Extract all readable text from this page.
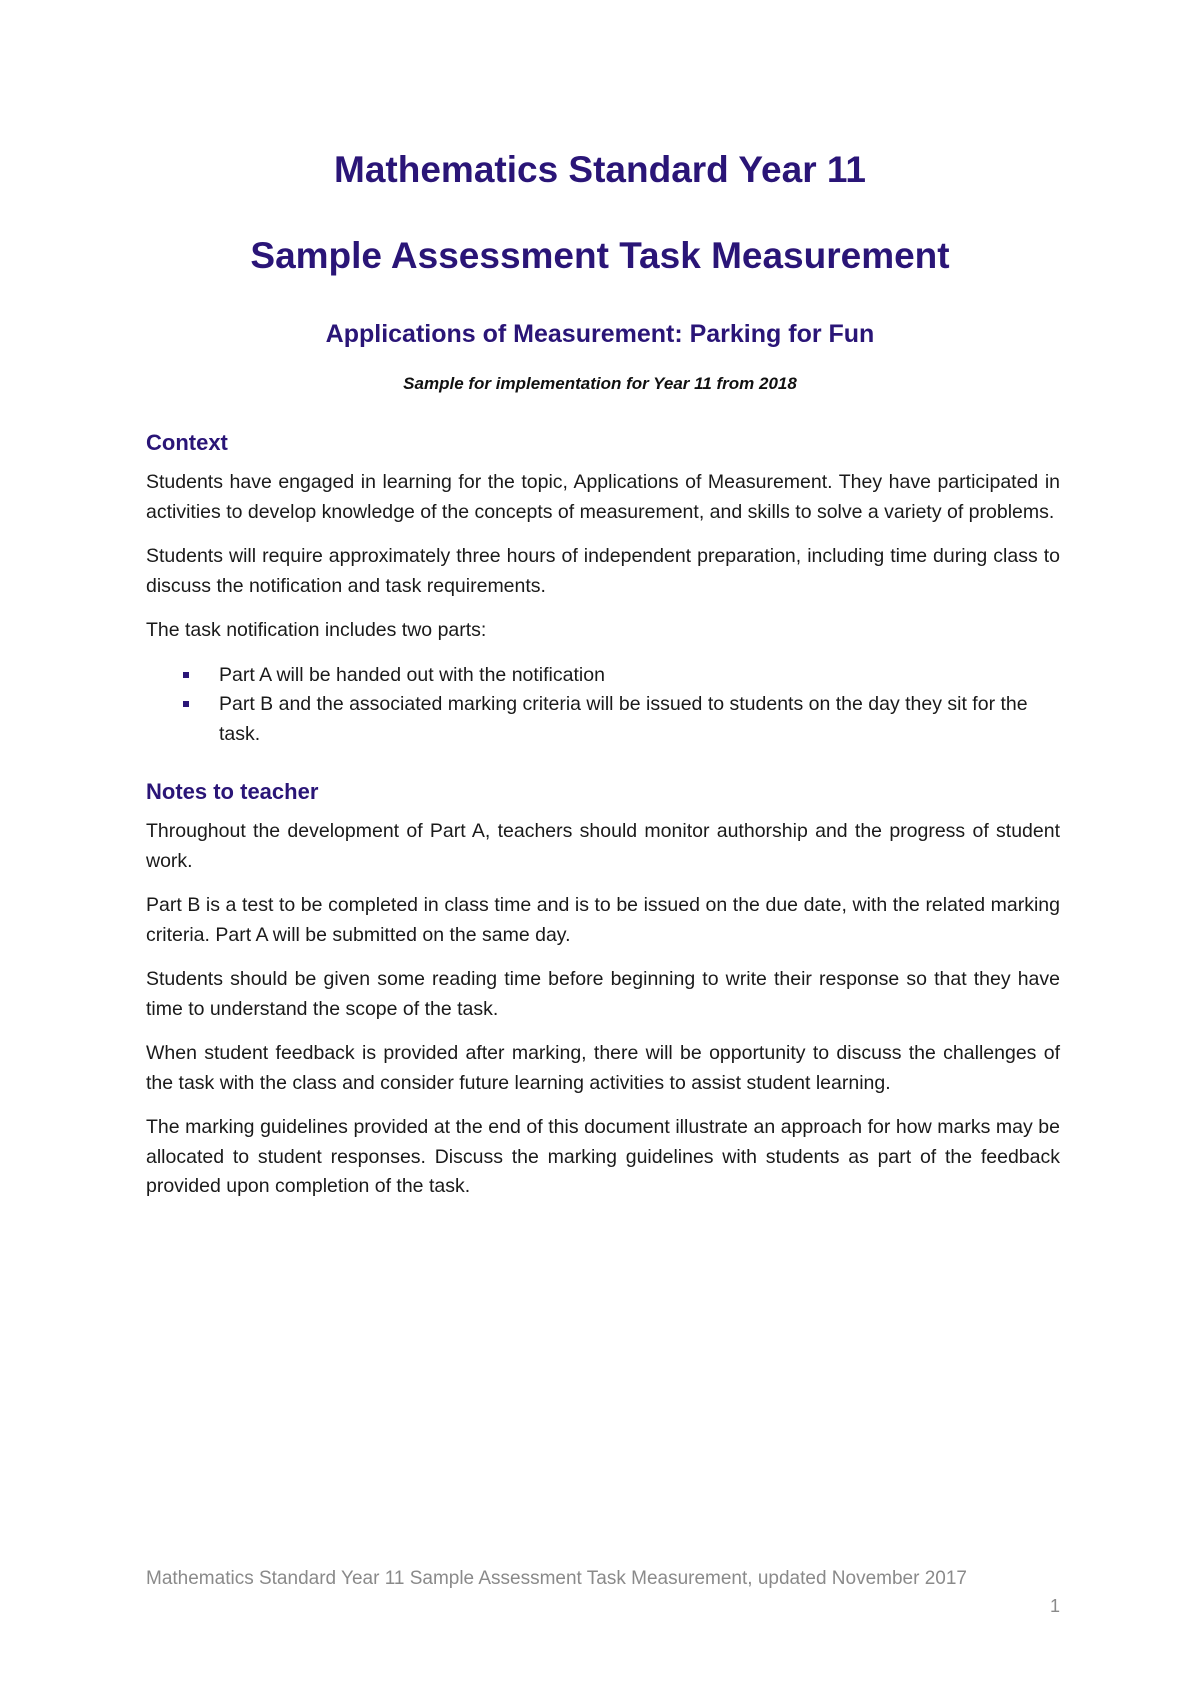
Mathematics Standard Year 11
Sample Assessment Task Measurement
Applications of Measurement: Parking for Fun
Sample for implementation for Year 11 from 2018
Context

Students have engaged in learning for the topic, Applications of Measurement. They have participated in activities to develop knowledge of the concepts of measurement, and skills to solve a variety of problems.

Students will require approximately three hours of independent preparation, including time during class to discuss the notification and task requirements.

The task notification includes two parts:

Part A will be handed out with the notification
Part B and the associated marking criteria will be issued to students on the day they sit for the task.
Notes to teacher

Throughout the development of Part A, teachers should monitor authorship and the progress of student work.

Part B is a test to be completed in class time and is to be issued on the due date, with the related marking criteria. Part A will be submitted on the same day.

Students should be given some reading time before beginning to write their response so that they have time to understand the scope of the task.

When student feedback is provided after marking, there will be opportunity to discuss the challenges of the task with the class and consider future learning activities to assist student learning.

The marking guidelines provided at the end of this document illustrate an approach for how marks may be allocated to student responses. Discuss the marking guidelines with students as part of the feedback provided upon completion of the task.

Mathematics Standard Year 11 Sample Assessment Task Measurement, updated November 2017

1
